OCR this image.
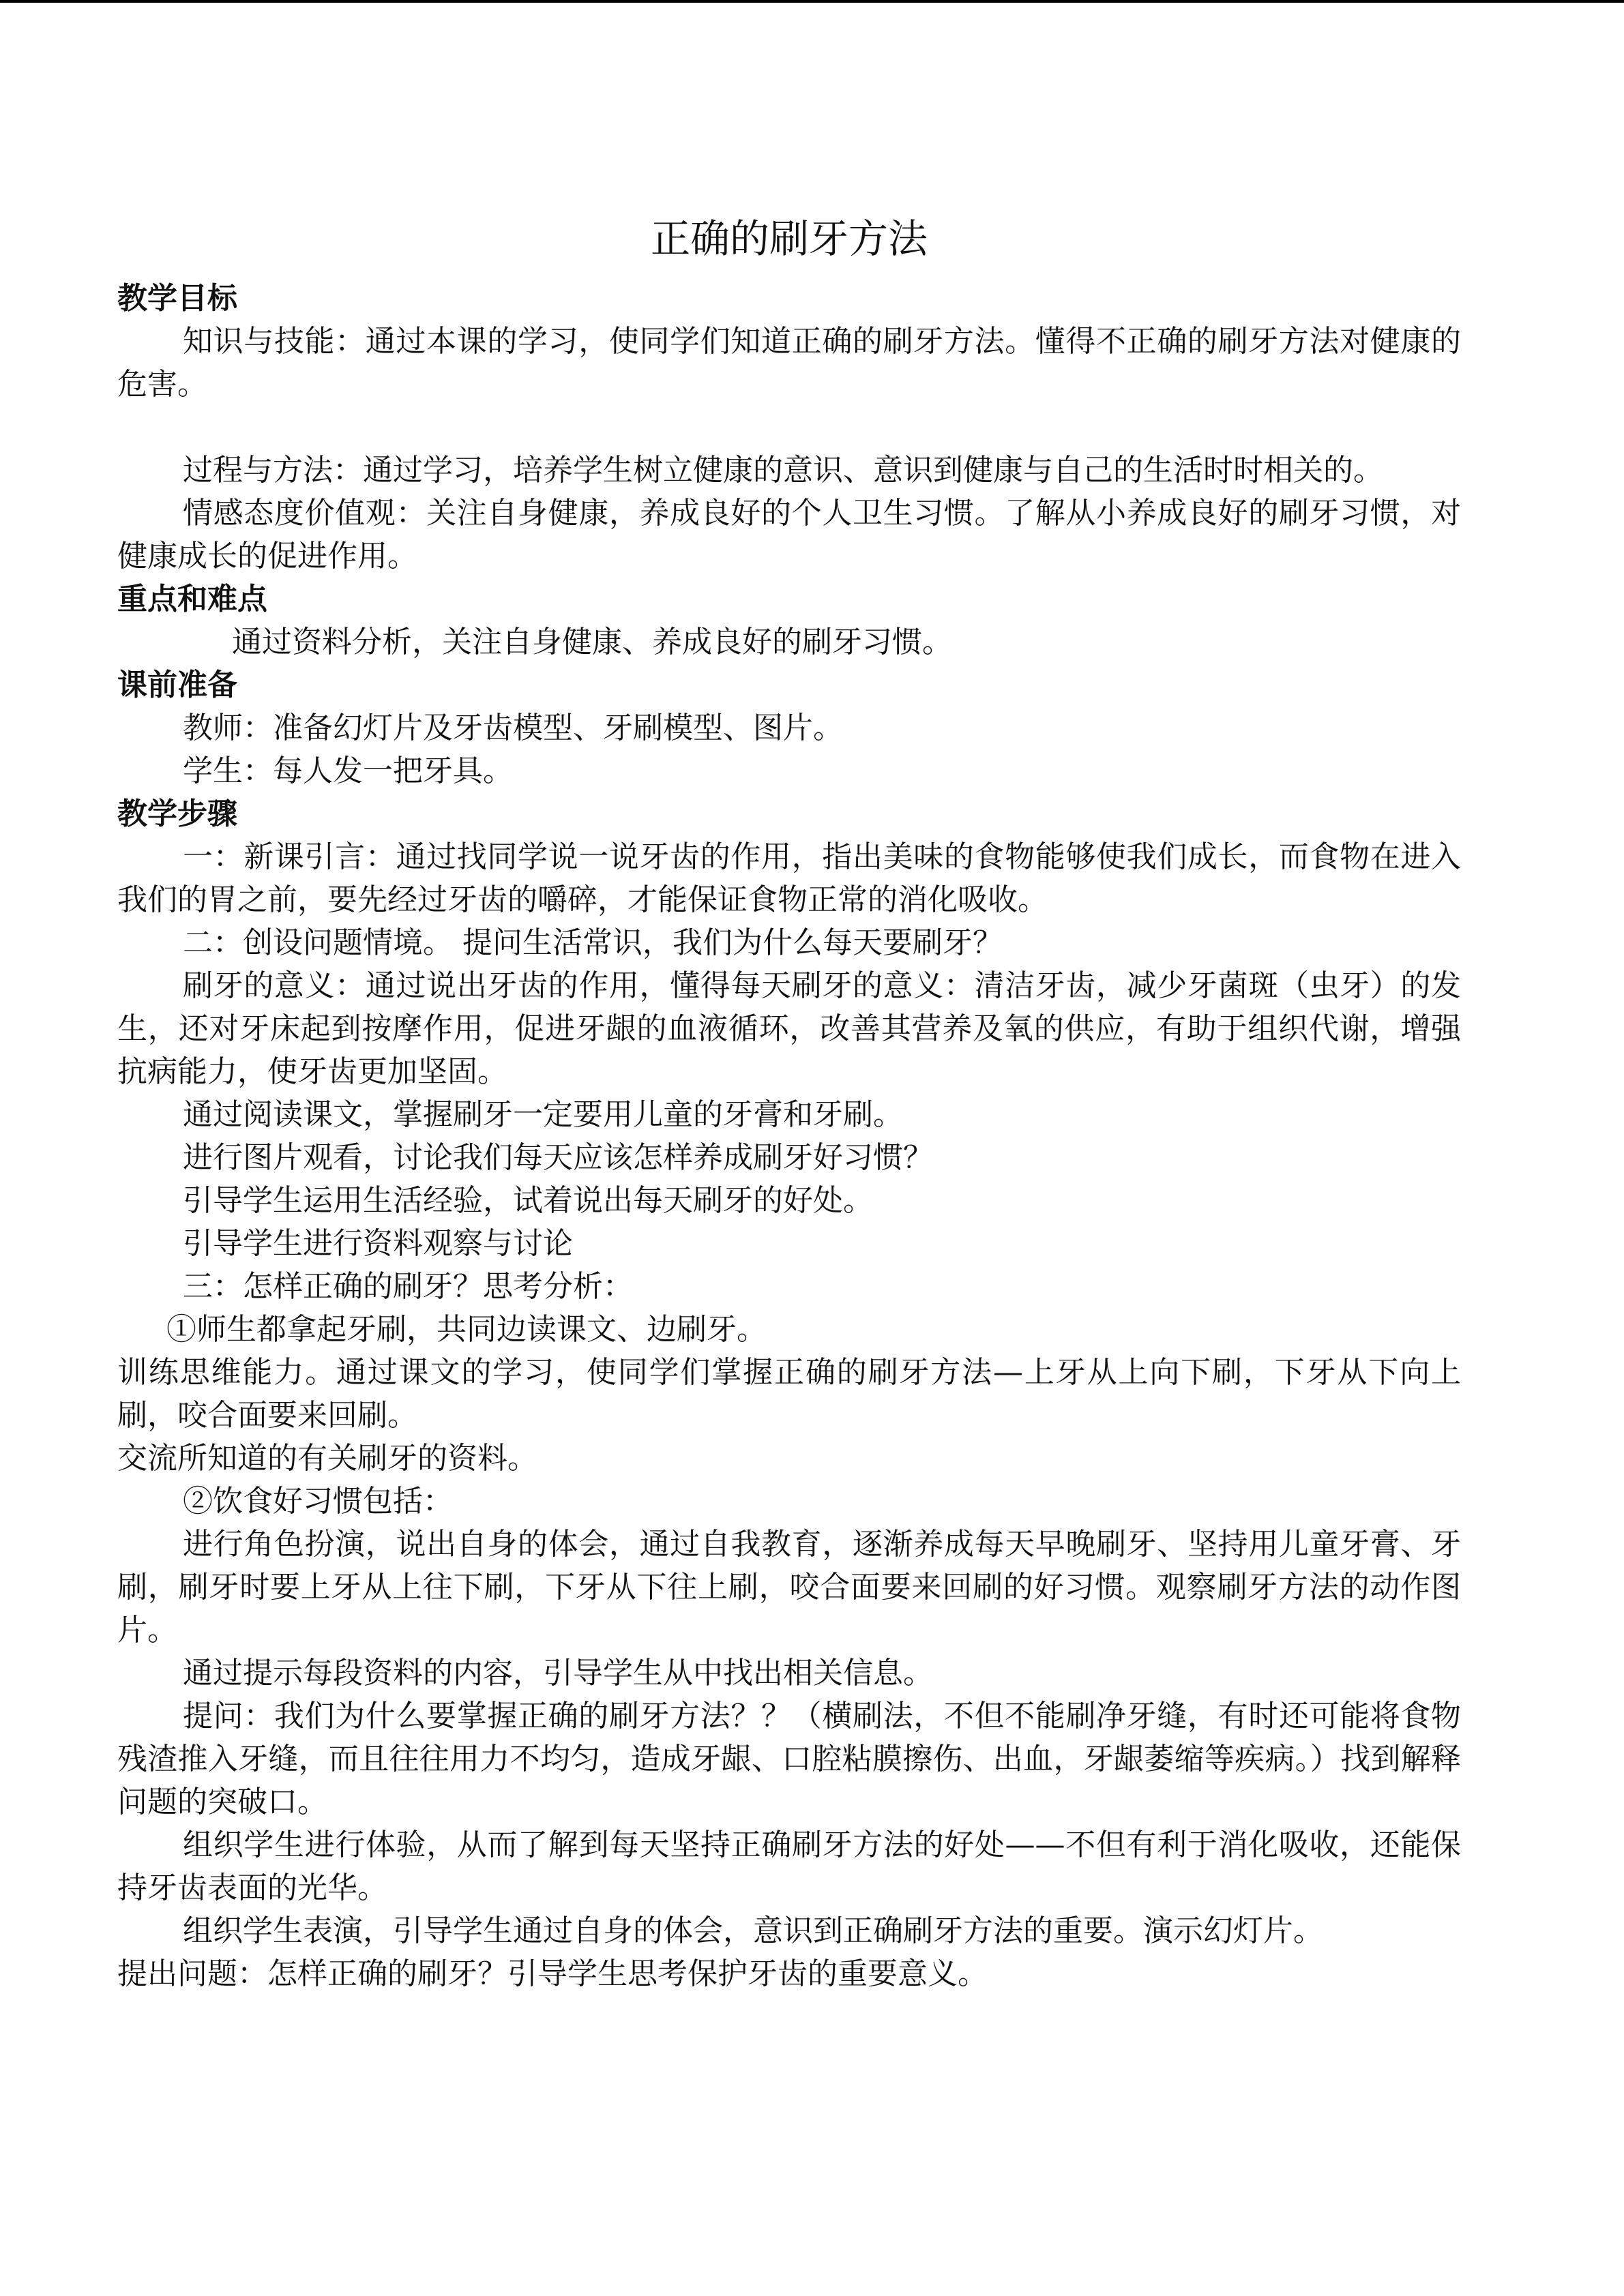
正确的刷牙方法
教学目标

知识与技能：通过本课的学习，使同学们知道正确的刷牙方法。懂得不正确的刷牙方法对健康的危害。

过程与方法：通过学习，培养学生树立健康的意识、意识到健康与自己的生活时时相关的。

情感态度价值观：关注自身健康，养成良好的个人卫生习惯。了解从小养成良好的刷牙习惯，对健康成长的促进作用。

重点和难点

通过资料分析，关注自身健康、养成良好的刷牙习惯。

课前准备

教师：准备幻灯片及牙齿模型、牙刷模型、图片。

学生：每人发一把牙具。

教学步骤

一：新课引言：通过找同学说一说牙齿的作用，指出美味的食物能够使我们成长，而食物在进入我们的胃之前，要先经过牙齿的嚼碎，才能保证食物正常的消化吸收。

二：创设问题情境。 提问生活常识，我们为什么每天要刷牙？

刷牙的意义：通过说出牙齿的作用，懂得每天刷牙的意义：清洁牙齿，减少牙菌斑（虫牙）的发生，还对牙床起到按摩作用，促进牙龈的血液循环，改善其营养及氧的供应，有助于组织代谢，增强抗病能力，使牙齿更加坚固。

通过阅读课文，掌握刷牙一定要用儿童的牙膏和牙刷。

进行图片观看，讨论我们每天应该怎样养成刷牙好习惯？

引导学生运用生活经验，试着说出每天刷牙的好处。

引导学生进行资料观察与讨论

三：怎样正确的刷牙？思考分析：

①师生都拿起牙刷，共同边读课文、边刷牙。

训练思维能力。通过课文的学习，使同学们掌握正确的刷牙方法—上牙从上向下刷，下牙从下向上刷，咬合面要来回刷。

交流所知道的有关刷牙的资料。

②饮食好习惯包括：

进行角色扮演，说出自身的体会，通过自我教育，逐渐养成每天早晚刷牙、坚持用儿童牙膏、牙刷，刷牙时要上牙从上往下刷，下牙从下往上刷，咬合面要来回刷的好习惯。观察刷牙方法的动作图片。

通过提示每段资料的内容，引导学生从中找出相关信息。

提问：我们为什么要掌握正确的刷牙方法？？（横刷法，不但不能刷净牙缝，有时还可能将食物残渣推入牙缝，而且往往用力不均匀，造成牙龈、口腔粘膜擦伤、出血，牙龈萎缩等疾病。）找到解释问题的突破口。

组织学生进行体验，从而了解到每天坚持正确刷牙方法的好处——不但有利于消化吸收，还能保持牙齿表面的光华。

组织学生表演，引导学生通过自身的体会，意识到正确刷牙方法的重要。演示幻灯片。

提出问题：怎样正确的刷牙？引导学生思考保护牙齿的重要意义。
